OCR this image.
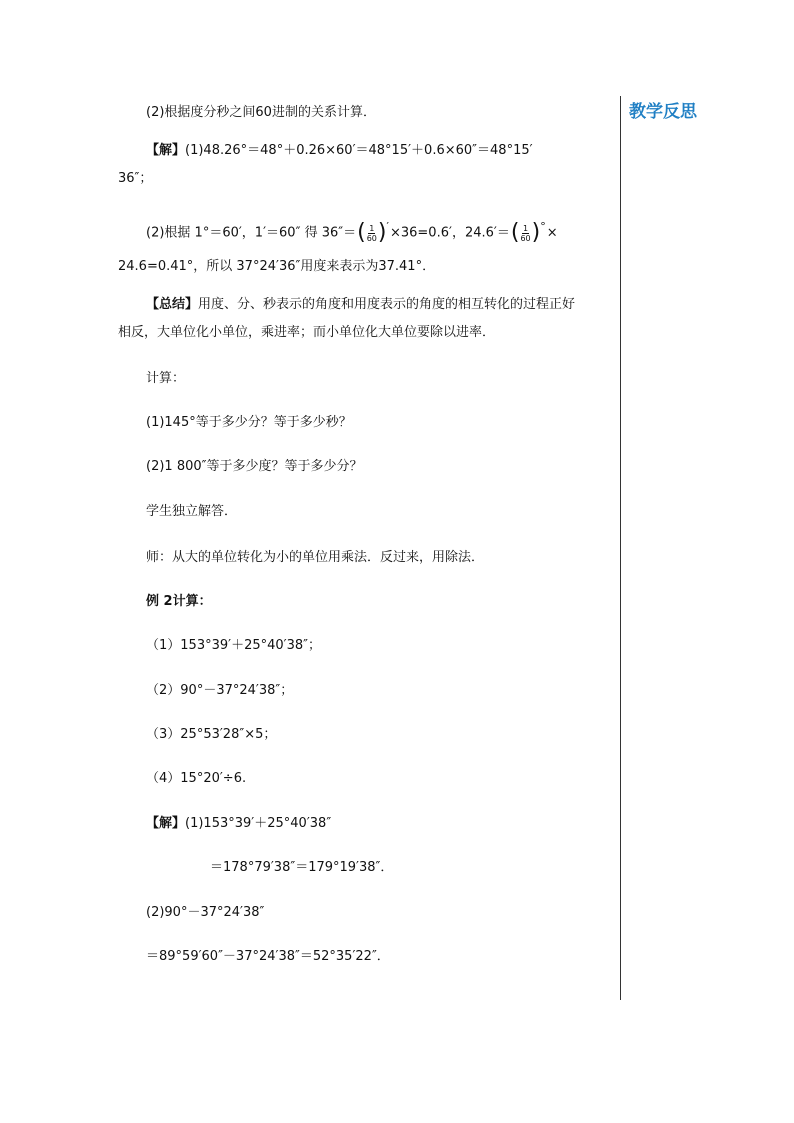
教学反思
(2)根据度分秒之间60进制的关系计算．
【解】(1)48.26°＝48°＋0.26×60′＝48°15′＋0.6×60″＝48°15′
36″；
(2)根据 1°＝60′，1′＝60″ 得 36″＝ ( $\frac{1}{60}$ ) ′ ×36=0.6′，24.6′＝ ( $\frac{1}{60}$ ) ° ×
24.6=0.41°，所以 37°24′36″用度来表示为37.41°．
【总结】用度、分、秒表示的角度和用度表示的角度的相互转化的过程正好
相反，大单位化小单位，乘进率；而小单位化大单位要除以进率．
计算：
(1)145°等于多少分？等于多少秒？
(2)1 800″等于多少度？等于多少分？
学生独立解答．
师：从大的单位转化为小的单位用乘法．反过来，用除法．
例 2计算：
（1）153°39′＋25°40′38″；
（2）90°－37°24′38″；
（3）25°53′28″×5；
（4）15°20′÷6.
【解】(1)153°39′＋25°40′38″
＝178°79′38″＝179°19′38″．
(2)90°－37°24′38″
＝89°59′60″－37°24′38″＝52°35′22″．
